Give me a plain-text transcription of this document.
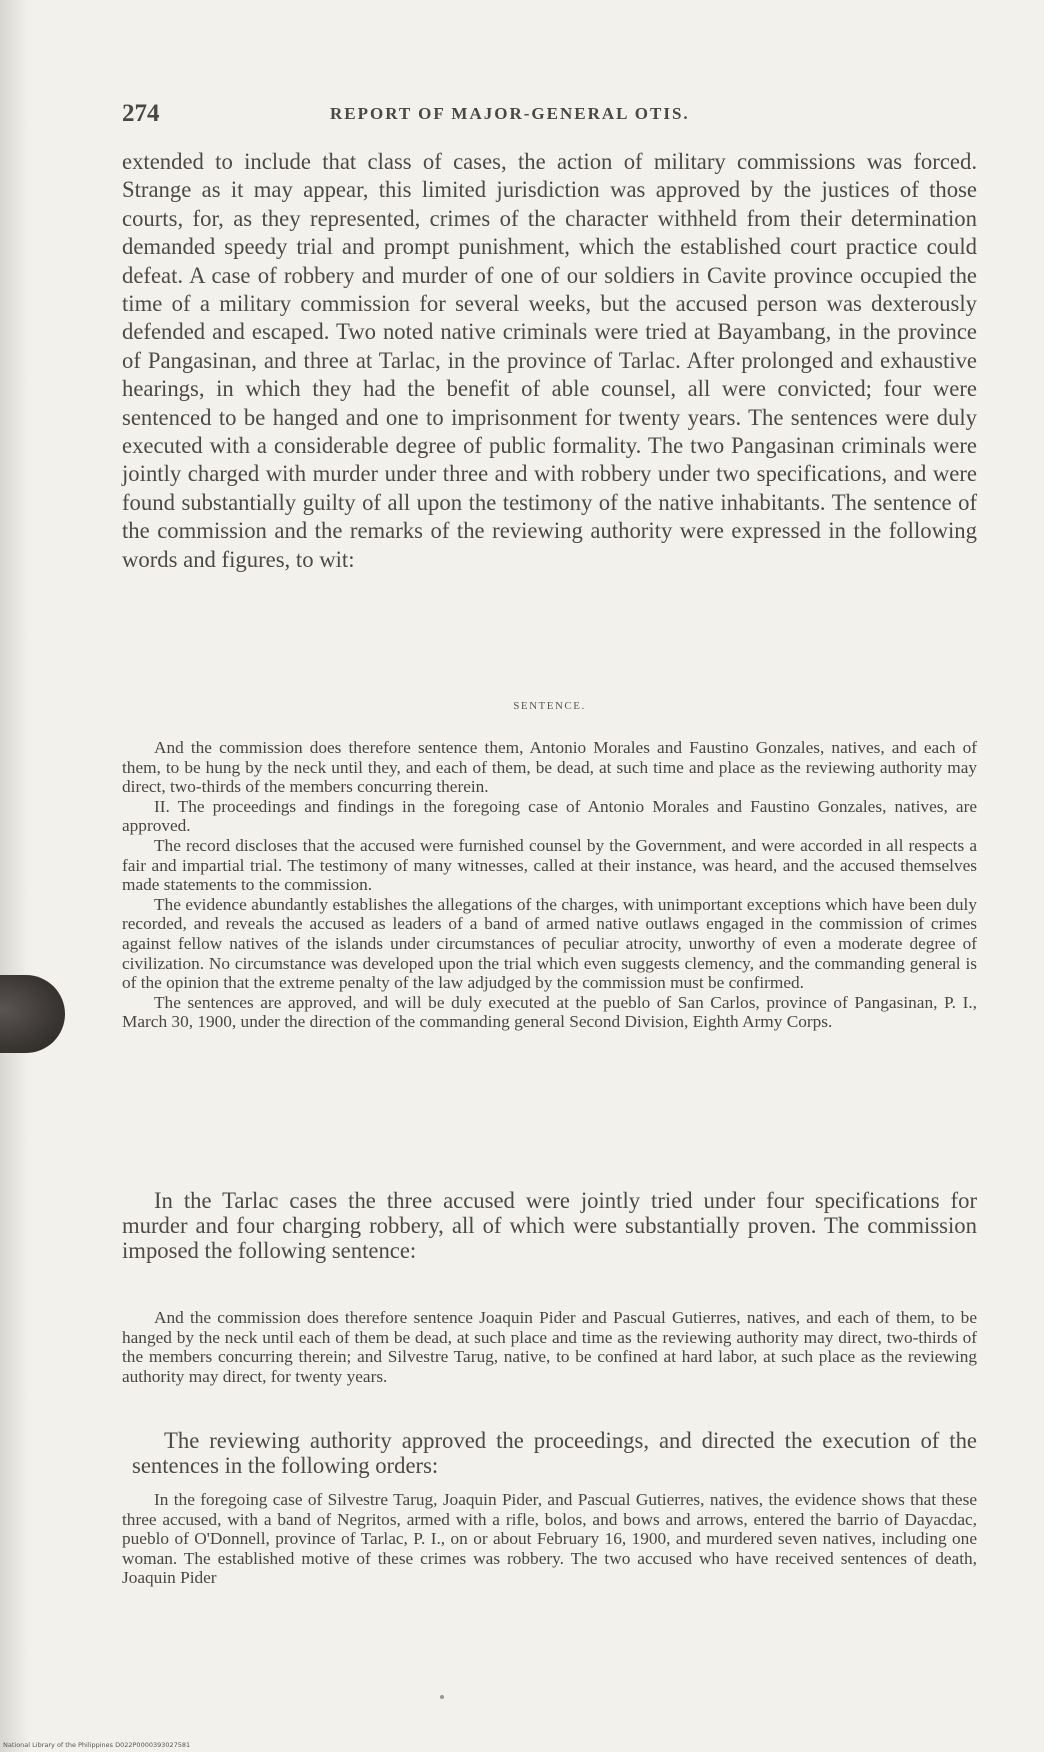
274	REPORT OF MAJOR-GENERAL OTIS.

extended to include that class of cases, the action of military commissions was forced. Strange as it may appear, this limited jurisdiction was approved by the justices of those courts, for, as they represented, crimes of the character withheld from their determination demanded speedy trial and prompt punishment, which the established court practice could defeat. A case of robbery and murder of one of our soldiers in Cavite province occupied the time of a military commission for several weeks, but the accused person was dexterously defended and escaped. Two noted native criminals were tried at Bayambang, in the province of Pangasinan, and three at Tarlac, in the province of Tarlac. After prolonged and exhaustive hearings, in which they had the benefit of able counsel, all were convicted; four were sentenced to be hanged and one to imprisonment for twenty years. The sentences were duly executed with a considerable degree of public formality. The two Pangasinan criminals were jointly charged with murder under three and with robbery under two specifications, and were found substantially guilty of all upon the testimony of the native inhabitants. The sentence of the commission and the remarks of the reviewing authority were expressed in the following words and figures, to wit:

SENTENCE.

And the commission does therefore sentence them, Antonio Morales and Faustino Gonzales, natives, and each of them, to be hung by the neck until they, and each of them, be dead, at such time and place as the reviewing authority may direct, two-thirds of the members concurring therein.

II. The proceedings and findings in the foregoing case of Antonio Morales and Faustino Gonzales, natives, are approved.

The record discloses that the accused were furnished counsel by the Government, and were accorded in all respects a fair and impartial trial. The testimony of many witnesses, called at their instance, was heard, and the accused themselves made statements to the commission.

The evidence abundantly establishes the allegations of the charges, with unimportant exceptions which have been duly recorded, and reveals the accused as leaders of a band of armed native outlaws engaged in the commission of crimes against fellow natives of the islands under circumstances of peculiar atrocity, unworthy of even a moderate degree of civilization. No circumstance was developed upon the trial which even suggests clemency, and the commanding general is of the opinion that the extreme penalty of the law adjudged by the commission must be confirmed.

The sentences are approved, and will be duly executed at the pueblo of San Carlos, province of Pangasinan, P. I., March 30, 1900, under the direction of the commanding general Second Division, Eighth Army Corps.

In the Tarlac cases the three accused were jointly tried under four specifications for murder and four charging robbery, all of which were substantially proven. The commission imposed the following sentence:

And the commission does therefore sentence Joaquin Pider and Pascual Gutierres, natives, and each of them, to be hanged by the neck until each of them be dead, at such place and time as the reviewing authority may direct, two-thirds of the members concurring therein; and Silvestre Tarug, native, to be confined at hard labor, at such place as the reviewing authority may direct, for twenty years.

The reviewing authority approved the proceedings, and directed the execution of the sentences in the following orders:

In the foregoing case of Silvestre Tarug, Joaquin Pider, and Pascual Gutierres, natives, the evidence shows that these three accused, with a band of Negritos, armed with a rifle, bolos, and bows and arrows, entered the barrio of Dayacdac, pueblo of O'Donnell, province of Tarlac, P. I., on or about February 16, 1900, and murdered seven natives, including one woman. The established motive of these crimes was robbery. The two accused who have received sentences of death, Joaquin Pider

National Library of the Philippines D022P0000393027581
